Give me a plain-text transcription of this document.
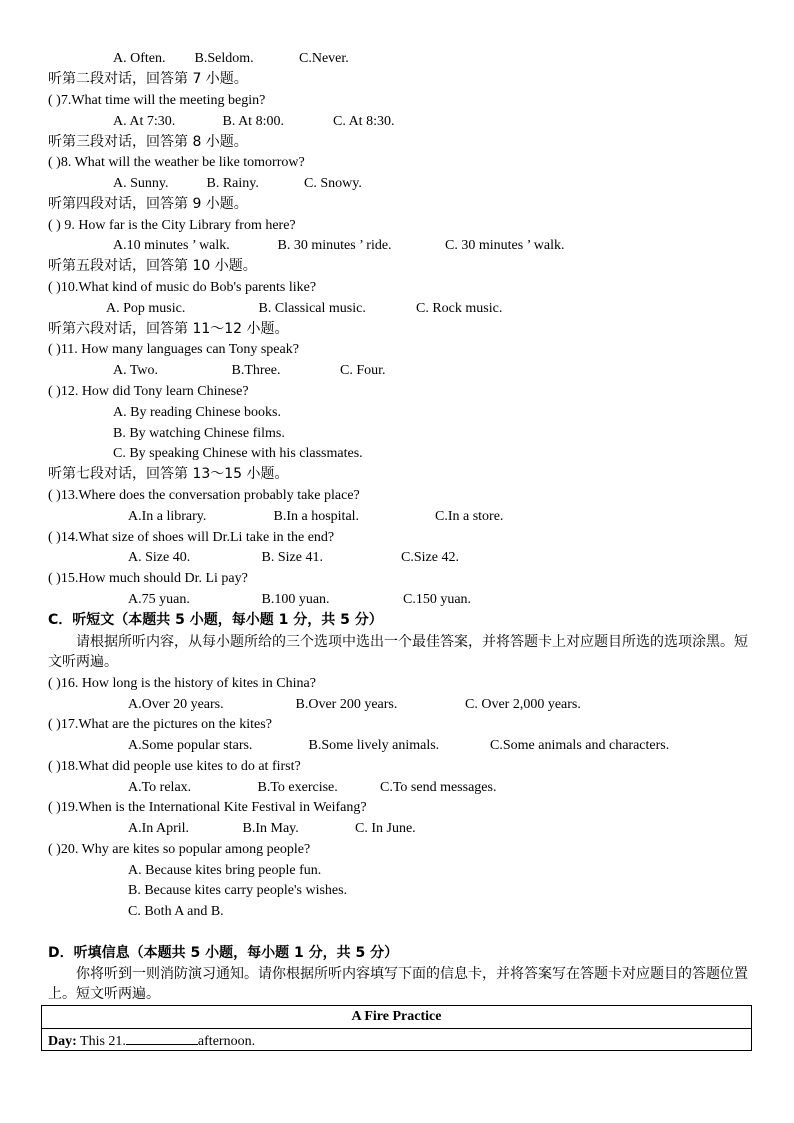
A. Often. B.Seldom.	C.Never.
听第二段对话，回答第 7 小题。
( )7.What time will the meeting begin?
A. At 7:30.	B. At 8:00.	C. At 8:30.
听第三段对话，回答第 8 小题。
( )8. What will the weather be like tomorrow?
A. Sunny.	B. Rainy.	C. Snowy.
听第四段对话，回答第 9 小题。
( ) 9. How far is the City Library from here?
A.10 minutes ’ walk.	B. 30 minutes ’ ride.	C. 30 minutes ’ walk.
听第五段对话，回答第 10 小题。
( )10.What kind of music do Bob's parents like?
A. Pop music.	B. Classical music.	C. Rock music.
听第六段对话，回答第 11～12 小题。
( )11. How many languages can Tony speak?
A. Two.	B.Three.	C. Four.
( )12. How did Tony learn Chinese?
A. By reading Chinese books.
B. By watching Chinese films.
C. By speaking Chinese with his classmates.
听第七段对话，回答第 13～15 小题。
( )13.Where does the conversation probably take place?
A.In a library.	B.In a hospital.	C.In a store.
( )14.What size of shoes will Dr.Li take in the end?
A. Size 40.	B. Size 41.	C.Size 42.
( )15.How much should Dr. Li pay?
A.75 yuan.	B.100 yuan.	C.150 yuan.
C．听短文（本题共 5 小题，每小题 1 分，共 5 分）
　　请根据所听内容，从每小题所给的三个选项中选出一个最佳答案，并将答题卡上对应题目所选的选项涂黑。短文听两遍。
( )16. How long is the history of kites in China?
A.Over 20 years.	B.Over 200 years.	C. Over 2,000 years.
( )17.What are the pictures on the kites?
A.Some popular stars.	B.Some lively animals.	C.Some animals and characters.
( )18.What did people use kites to do at first?
A.To relax.	B.To exercise.	C.To send messages.
( )19.When is the International Kite Festival in Weifang?
A.In April.	B.In May.	C. In June.
( )20. Why are kites so popular among people?
A. Because kites bring people fun.
B. Because kites carry people's wishes.
C. Both A and B.
D．听填信息（本题共 5 小题，每小题 1 分，共 5 分）
　　你将听到一则消防演习通知。请你根据所听内容填写下面的信息卡，并将答案写在答题卡对应题目的答题位置上。短文听两遍。
A Fire Practice
Day: This 21.	afternoon.
